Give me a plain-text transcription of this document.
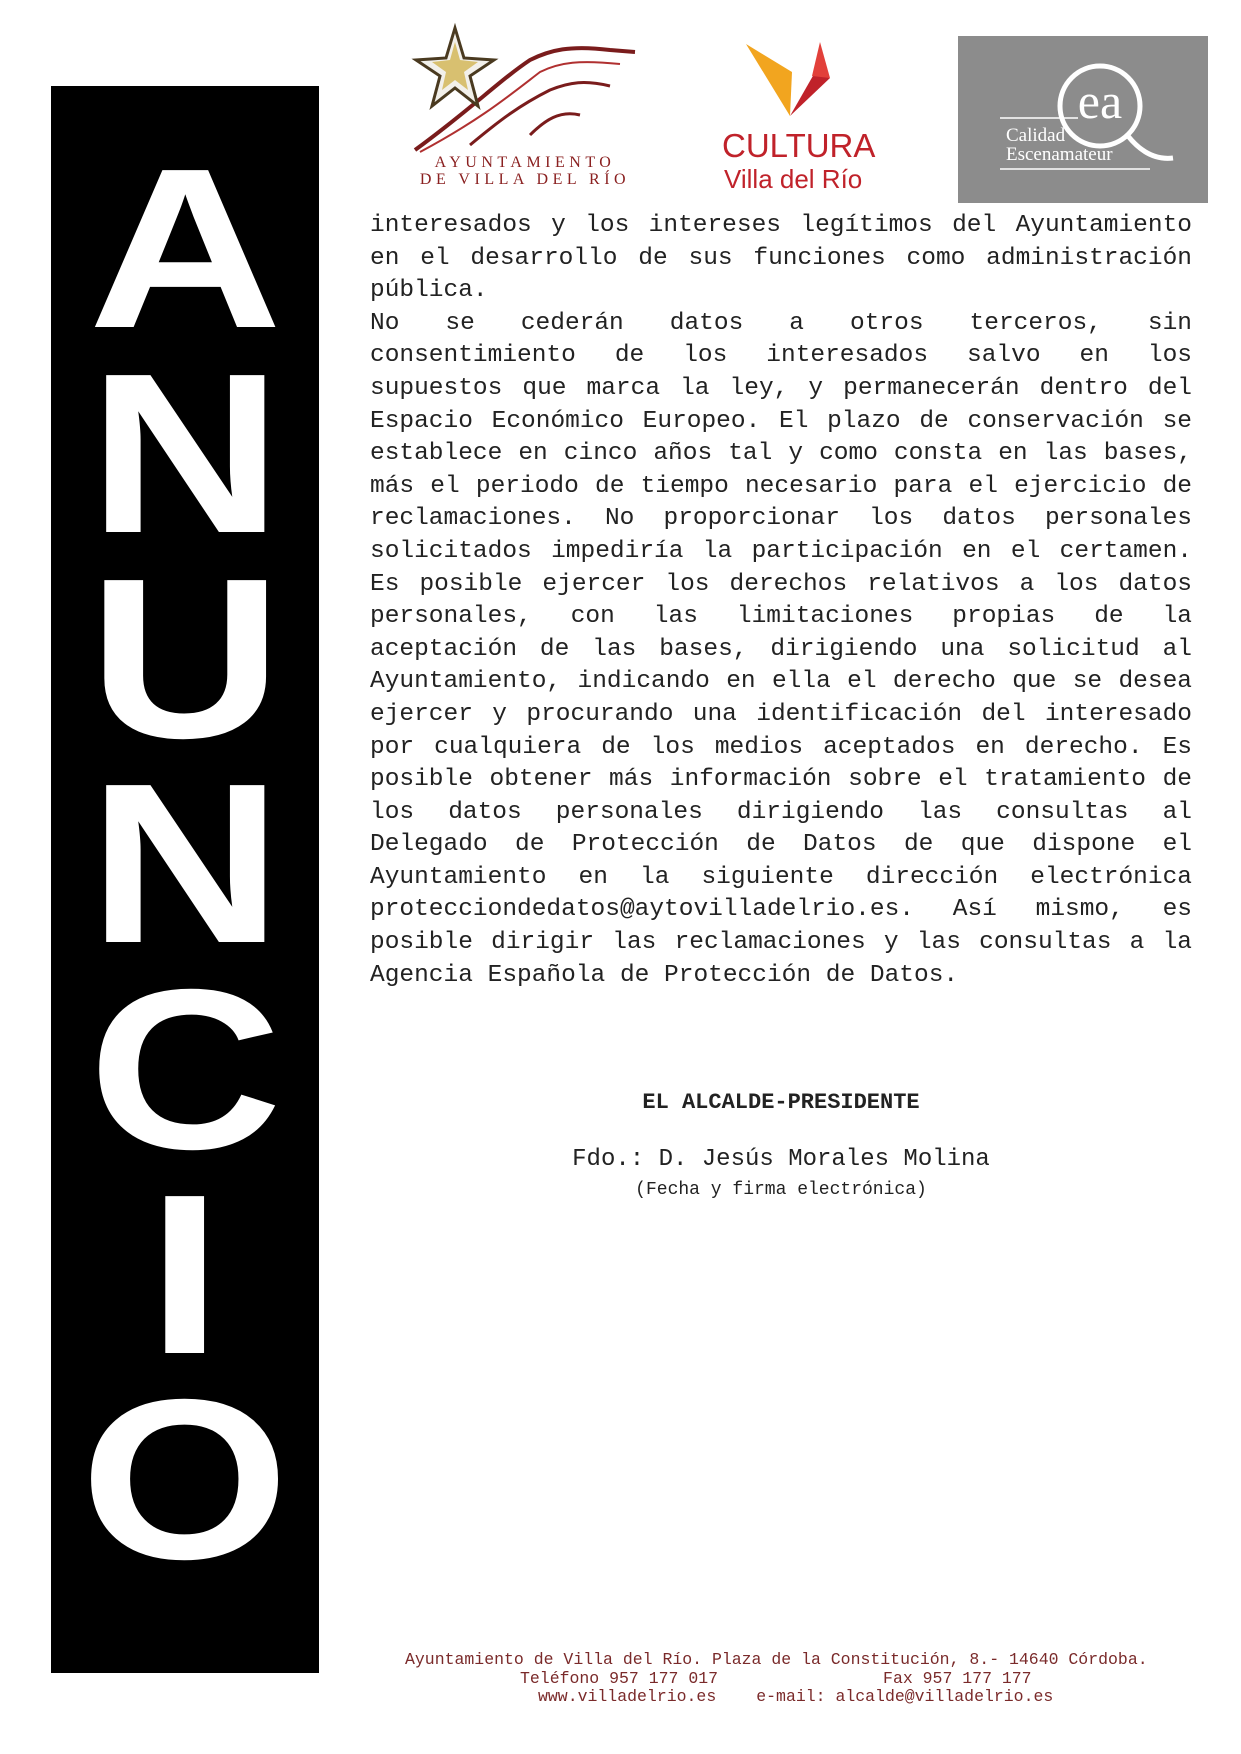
A
N
U
N
C
I
O
AYUNTAMIENTO
DE VILLA DEL RÍO
CULTURA
Villa del Río
ea
Calidad
Escenamateur

interesados y los intereses legítimos del Ayuntamiento en el desarrollo de sus funciones como administración pública.

No se cederán datos a otros terceros, sin consentimiento de los interesados salvo en los supuestos que marca la ley, y permanecerán dentro del Espacio Económico Europeo. El plazo de conservación se establece en cinco años tal y como consta en las bases, más el periodo de tiempo necesario para el ejercicio de reclamaciones. No proporcionar los datos personales solicitados impediría la participación en el certamen. Es posible ejercer los derechos relativos a los datos personales, con las limitaciones propias de la aceptación de las bases, dirigiendo una solicitud al Ayuntamiento, indicando en ella el derecho que se desea ejercer y procurando una identificación del interesado por cualquiera de los medios aceptados en derecho. Es posible obtener más información sobre el tratamiento de los datos personales dirigiendo las consultas al Delegado de Protección de Datos de que dispone el Ayuntamiento en la siguiente dirección electrónica protecciondedatos@aytovilladelrio.es. Así mismo, es posible dirigir las reclamaciones y las consultas a la Agencia Española de Protección de Datos.

EL ALCALDE-PRESIDENTE
Fdo.: D. Jesús Morales Molina
(Fecha y firma electrónica)
Ayuntamiento de Villa del Río. Plaza de la Constitución, 8.- 14640 Córdoba.
Teléfono 957 177 017	Fax 957 177 177
www.villadelrio.es e-mail: alcalde@villadelrio.es
